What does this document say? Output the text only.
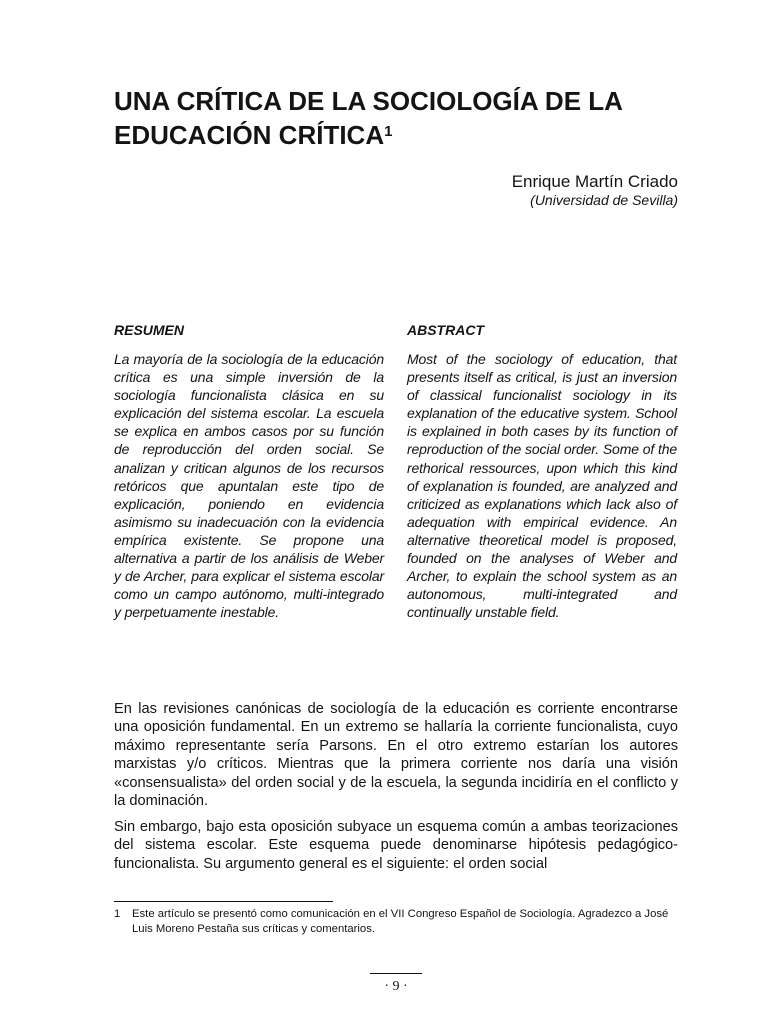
UNA CRÍTICA DE LA SOCIOLOGÍA DE LA EDUCACIÓN CRÍTICA$^1$
Enrique Martín Criado
(Universidad de Sevilla)
RESUMEN

La mayoría de la sociología de la educación crítica es una simple inversión de la sociología funcionalista clásica en su explicación del sistema escolar. La escuela se explica en ambos casos por su función de reproducción del orden social. Se analizan y critican algunos de los recursos retóricos que apuntalan este tipo de explicación, poniendo en evidencia asimismo su inadecuación con la evidencia empírica existente. Se propone una alternativa a partir de los análisis de Weber y de Archer, para explicar el sistema escolar como un campo autónomo, multi-integrado y perpetuamente inestable.

ABSTRACT

Most of the sociology of education, that presents itself as critical, is just an inversion of classical funcionalist sociology in its explanation of the educative system. School is explained in both cases by its function of reproduction of the social order. Some of the rethorical ressources, upon which this kind of explanation is founded, are analyzed and criticized as explanations which lack also of adequation with empirical evidence. An alternative theoretical model is proposed, founded on the analyses of Weber and Archer, to explain the school system as an autonomous, multi-integrated and continually unstable field.

En las revisiones canónicas de sociología de la educación es corriente encontrarse una oposición fundamental. En un extremo se hallaría la corriente funcionalista, cuyo máximo representante sería Parsons. En el otro extremo estarían los autores marxistas y/o críticos. Mientras que la primera corriente nos daría una visión «consensualista» del orden social y de la escuela, la segunda incidiría en el conflicto y la dominación.

Sin embargo, bajo esta oposición subyace un esquema común a ambas teorizaciones del sistema escolar. Este esquema puede denominarse hipótesis pedagógico-funcionalista. Su argumento general es el siguiente: el orden social

1	Este artículo se presentó como comunicación en el VII Congreso Español de Sociología. Agradezco a José Luis Moreno Pestaña sus críticas y comentarios.
· 9 ·
